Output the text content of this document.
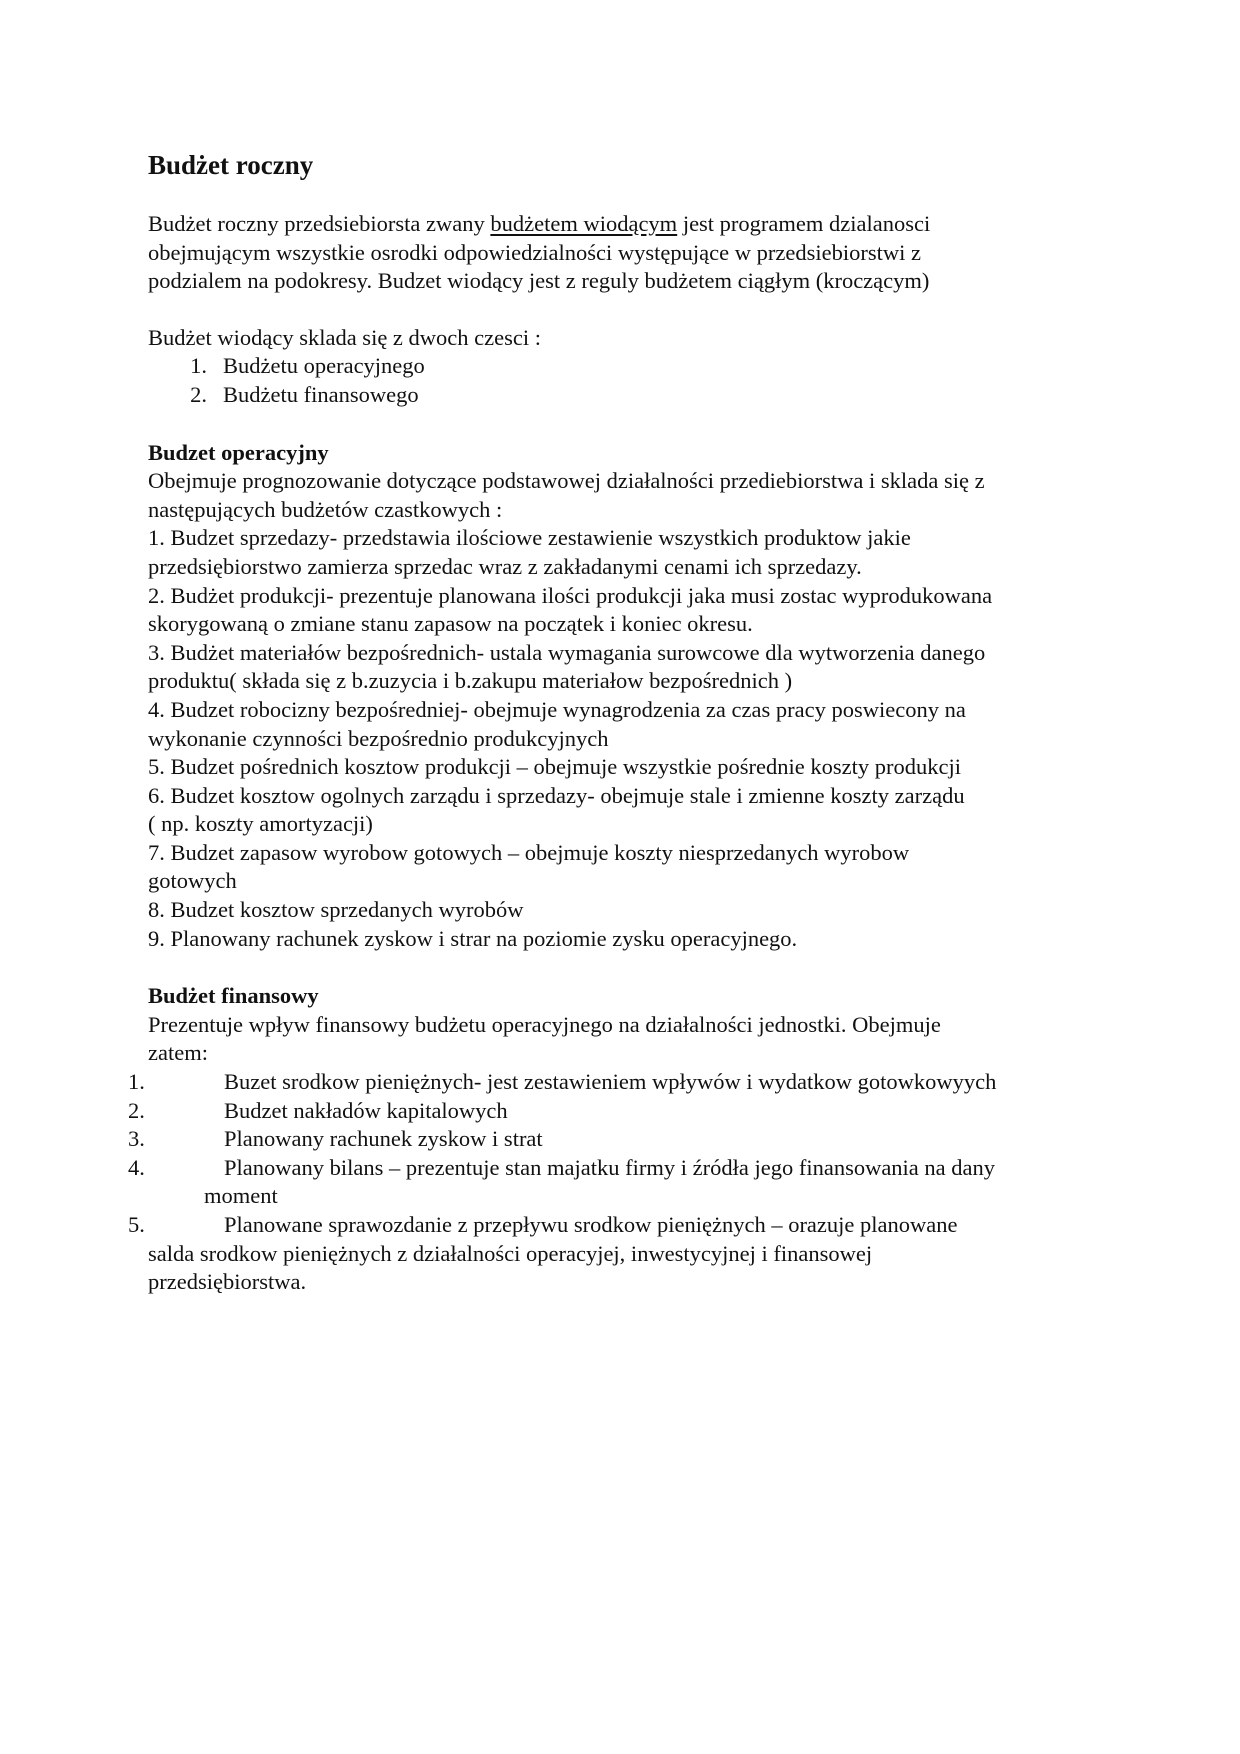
Budżet roczny

Budżet roczny przedsiebiorsta zwany budżetem wiodącym jest programem dzialanosci

obejmującym wszystkie osrodki odpowiedzialności występujące w przedsiebiorstwi z

podzialem na podokresy. Budzet wiodący jest z reguly budżetem ciągłym (kroczącym)

Budżet wiodący sklada się z dwoch czesci :

1. Budżetu operacyjnego
2. Budżetu finansowego

Budzet operacyjny

Obejmuje prognozowanie dotyczące podstawowej działalności przediebiorstwa i sklada się z

następujących budżetów czastkowych :

1. Budzet sprzedazy- przedstawia ilościowe zestawienie wszystkich produktow jakie

przedsiębiorstwo zamierza sprzedac wraz z zakładanymi cenami ich sprzedazy.

2. Budżet produkcji- prezentuje planowana ilości produkcji jaka musi zostac wyprodukowana

skorygowaną o zmiane stanu zapasow na początek i koniec okresu.

3. Budżet materiałów bezpośrednich- ustala wymagania surowcowe dla wytworzenia danego

produktu( składa się z b.zuzycia i b.zakupu materiałow bezpośrednich )

4. Budzet robocizny bezpośredniej- obejmuje wynagrodzenia za czas pracy poswiecony na

wykonanie czynności bezpośrednio produkcyjnych

5. Budzet pośrednich kosztow produkcji – obejmuje wszystkie pośrednie koszty produkcji

6. Budzet kosztow ogolnych zarządu i sprzedazy- obejmuje stale i zmienne koszty zarządu

( np. koszty amortyzacji)

7. Budzet zapasow wyrobow gotowych – obejmuje koszty niesprzedanych wyrobow

gotowych

8. Budzet kosztow sprzedanych wyrobów

9. Planowany rachunek zyskow i strar na poziomie zysku operacyjnego.

Budżet finansowy

Prezentuje wpływ finansowy budżetu operacyjnego na działalności jednostki. Obejmuje

zatem:

1.	Buzet srodkow pieniężnych- jest zestawieniem wpływów i wydatkow gotowkowyych
2.	Budzet nakładów kapitalowych
3.	Planowany rachunek zyskow i strat
4.	Planowany bilans – prezentuje stan majatku firmy i źródła jego finansowania na dany
moment
5.	Planowane sprawozdanie z przepływu srodkow pieniężnych – orazuje planowane
salda srodkow pieniężnych z działalności operacyjej, inwestycyjnej i finansowej
przedsiębiorstwa.
